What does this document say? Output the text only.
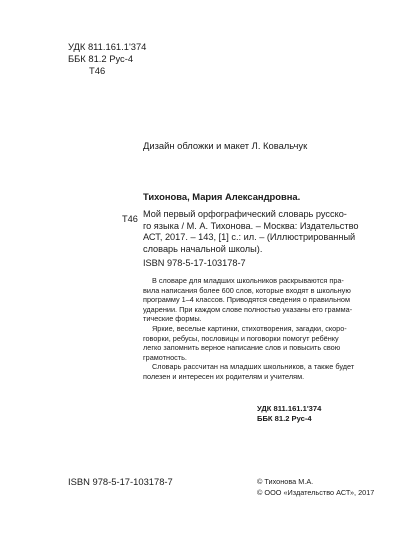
УДК 811.161.1'374
ББК 81.2 Рус-4
Т46
Дизайн обложки и макет Л. Ковальчук
Тихонова, Мария Александровна.
Т46 Мой первый орфографический словарь русско-
го языка / М. А. Тихонова. – Москва: Издательство
АСТ, 2017. – 143, [1] с.: ил. – (Иллюстрированный
словарь начальной школы).
ISBN 978-5-17-103178-7
В словаре для младших школьников раскрываются пра-
вила написания более 600 слов, которые входят в школьную
программу 1–4 классов. Приводятся сведения о правильном
ударении. При каждом слове полностью указаны его граммa-
тические формы.
Яркие, веселые картинки, стихотворения, загадки, скоро-
говорки, ребусы, пословицы и поговорки помогут ребёнку
легко запомнить верное написание слов и повысить свою
грамотность.
Словарь рассчитан на младших школьников, а также будет
полезен и интересен их родителям и учителям.
УДК 811.161.1'374
ББК 81.2 Рус-4
ISBN 978-5-17-103178-7	© Тихонова М.А.
© ООО «Издательство АСТ», 2017
